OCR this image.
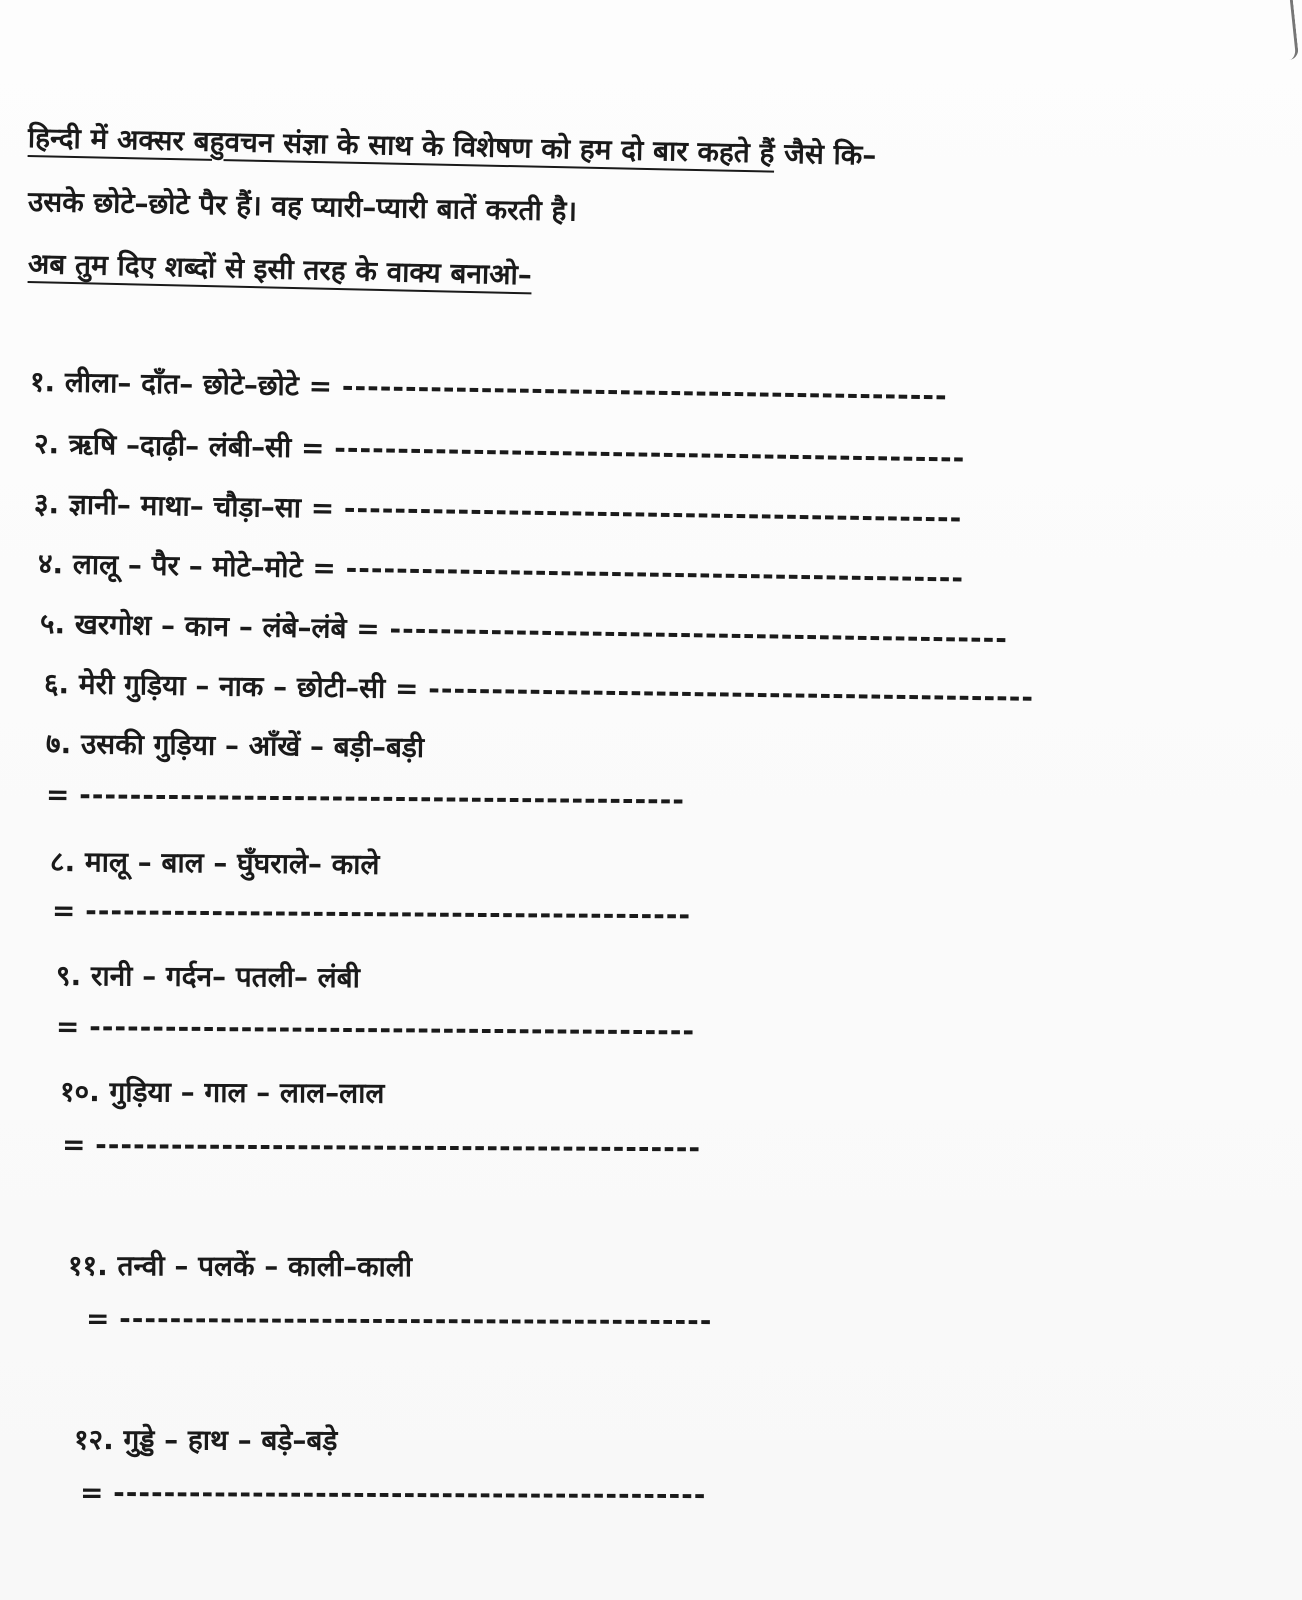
हिन्दी में अक्सर बहुवचन संज्ञा के साथ के विशेषण को हम दो बार कहते हैं जैसे कि–
उसके छोटे–छोटे पैर हैं। वह प्यारी–प्यारी बातें करती है।
अब तुम दिए शब्दों से इसी तरह के वाक्य बनाओ–
१. लीला– दाँत– छोटे–छोटे = ------------------------------------------------
२. ऋषि –दाढ़ी– लंबी–सी = --------------------------------------------------
३. ज्ञानी– माथा– चौड़ा–सा = -------------------------------------------------
४. लालू – पैर – मोटे–मोटे = -------------------------------------------------
५. खरगोश – कान – लंबे–लंबे = -------------------------------------------------
६. मेरी गुड़िया – नाक – छोटी–सी = ------------------------------------------------
७. उसकी गुड़िया – आँखें – बड़ी–बड़ी
= ------------------------------------------------
८. मालू – बाल – घुँघराले– काले
= ------------------------------------------------
९. रानी – गर्दन– पतली– लंबी
= ------------------------------------------------
१०. गुड़िया – गाल – लाल–लाल
= ------------------------------------------------
११. तन्वी – पलकें – काली–काली
= -----------------------------------------------
१२. गुड्डे – हाथ – बड़े–बड़े
= -----------------------------------------------
